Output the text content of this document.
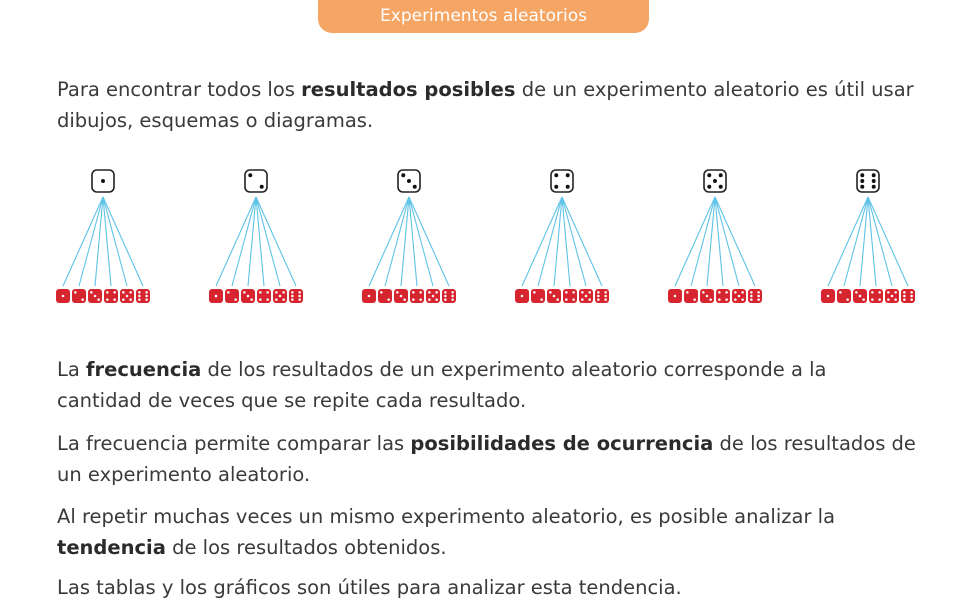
Experimentos aleatorios

Para encontrar todos los resultados posibles de un experimento aleatorio es útil usar dibujos, esquemas o diagramas.

La frecuencia de los resultados de un experimento aleatorio corresponde a la cantidad de veces que se repite cada resultado.

La frecuencia permite comparar las posibilidades de ocurrencia de los resultados de un experimento aleatorio.

Al repetir muchas veces un mismo experimento aleatorio, es posible analizar la tendencia de los resultados obtenidos.

Las tablas y los gráficos son útiles para analizar esta tendencia.
